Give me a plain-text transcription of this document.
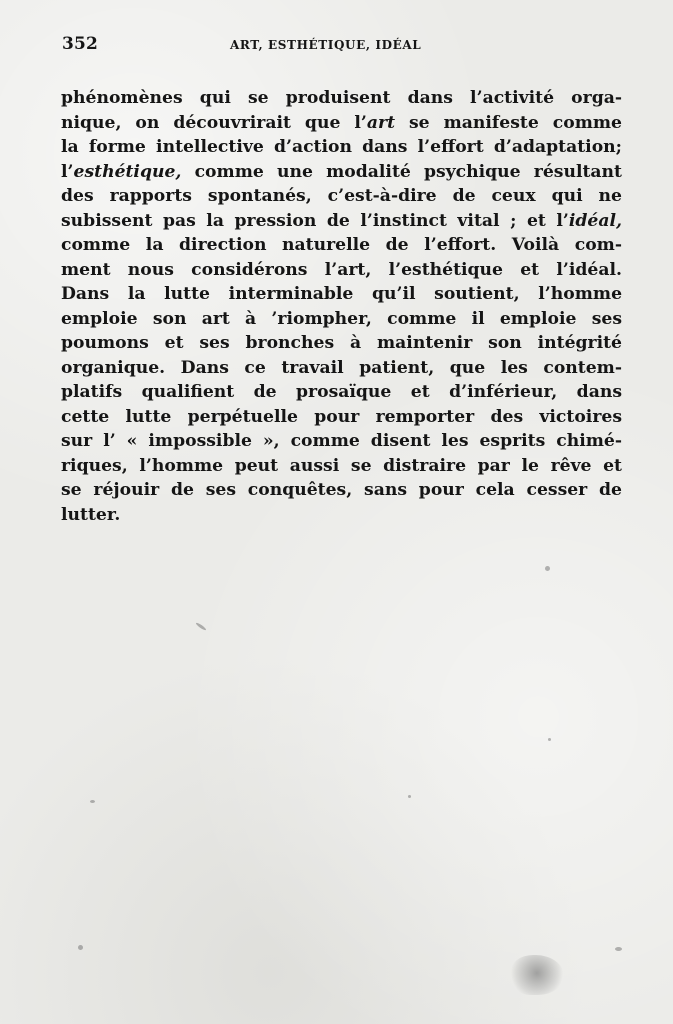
352	ART, ESTHÉTIQUE, IDÉAL
phénomènes qui se produisent dans l’activité orga-
nique, on découvrirait que l’art se manifeste comme
la forme intellective d’action dans l’effort d’adaptation;
l’esthétique, comme une modalité psychique résultant
des rapports spontanés, c’est-à-dire de ceux qui ne
subissent pas la pression de l’instinct vital ; et l’idéal,
comme la direction naturelle de l’effort. Voilà com-
ment nous considérons l’art, l’esthétique et l’idéal.
Dans la lutte interminable qu’il soutient, l’homme
emploie son art à ’riompher, comme il emploie ses
poumons et ses bronches à maintenir son intégrité
organique. Dans ce travail patient, que les contem-
platifs qualifient de prosaïque et d’inférieur, dans
cette lutte perpétuelle pour remporter des victoires
sur l’ « impossible », comme disent les esprits chimé-
riques, l’homme peut aussi se distraire par le rêve et
se réjouir de ses conquêtes, sans pour cela cesser de
lutter.
